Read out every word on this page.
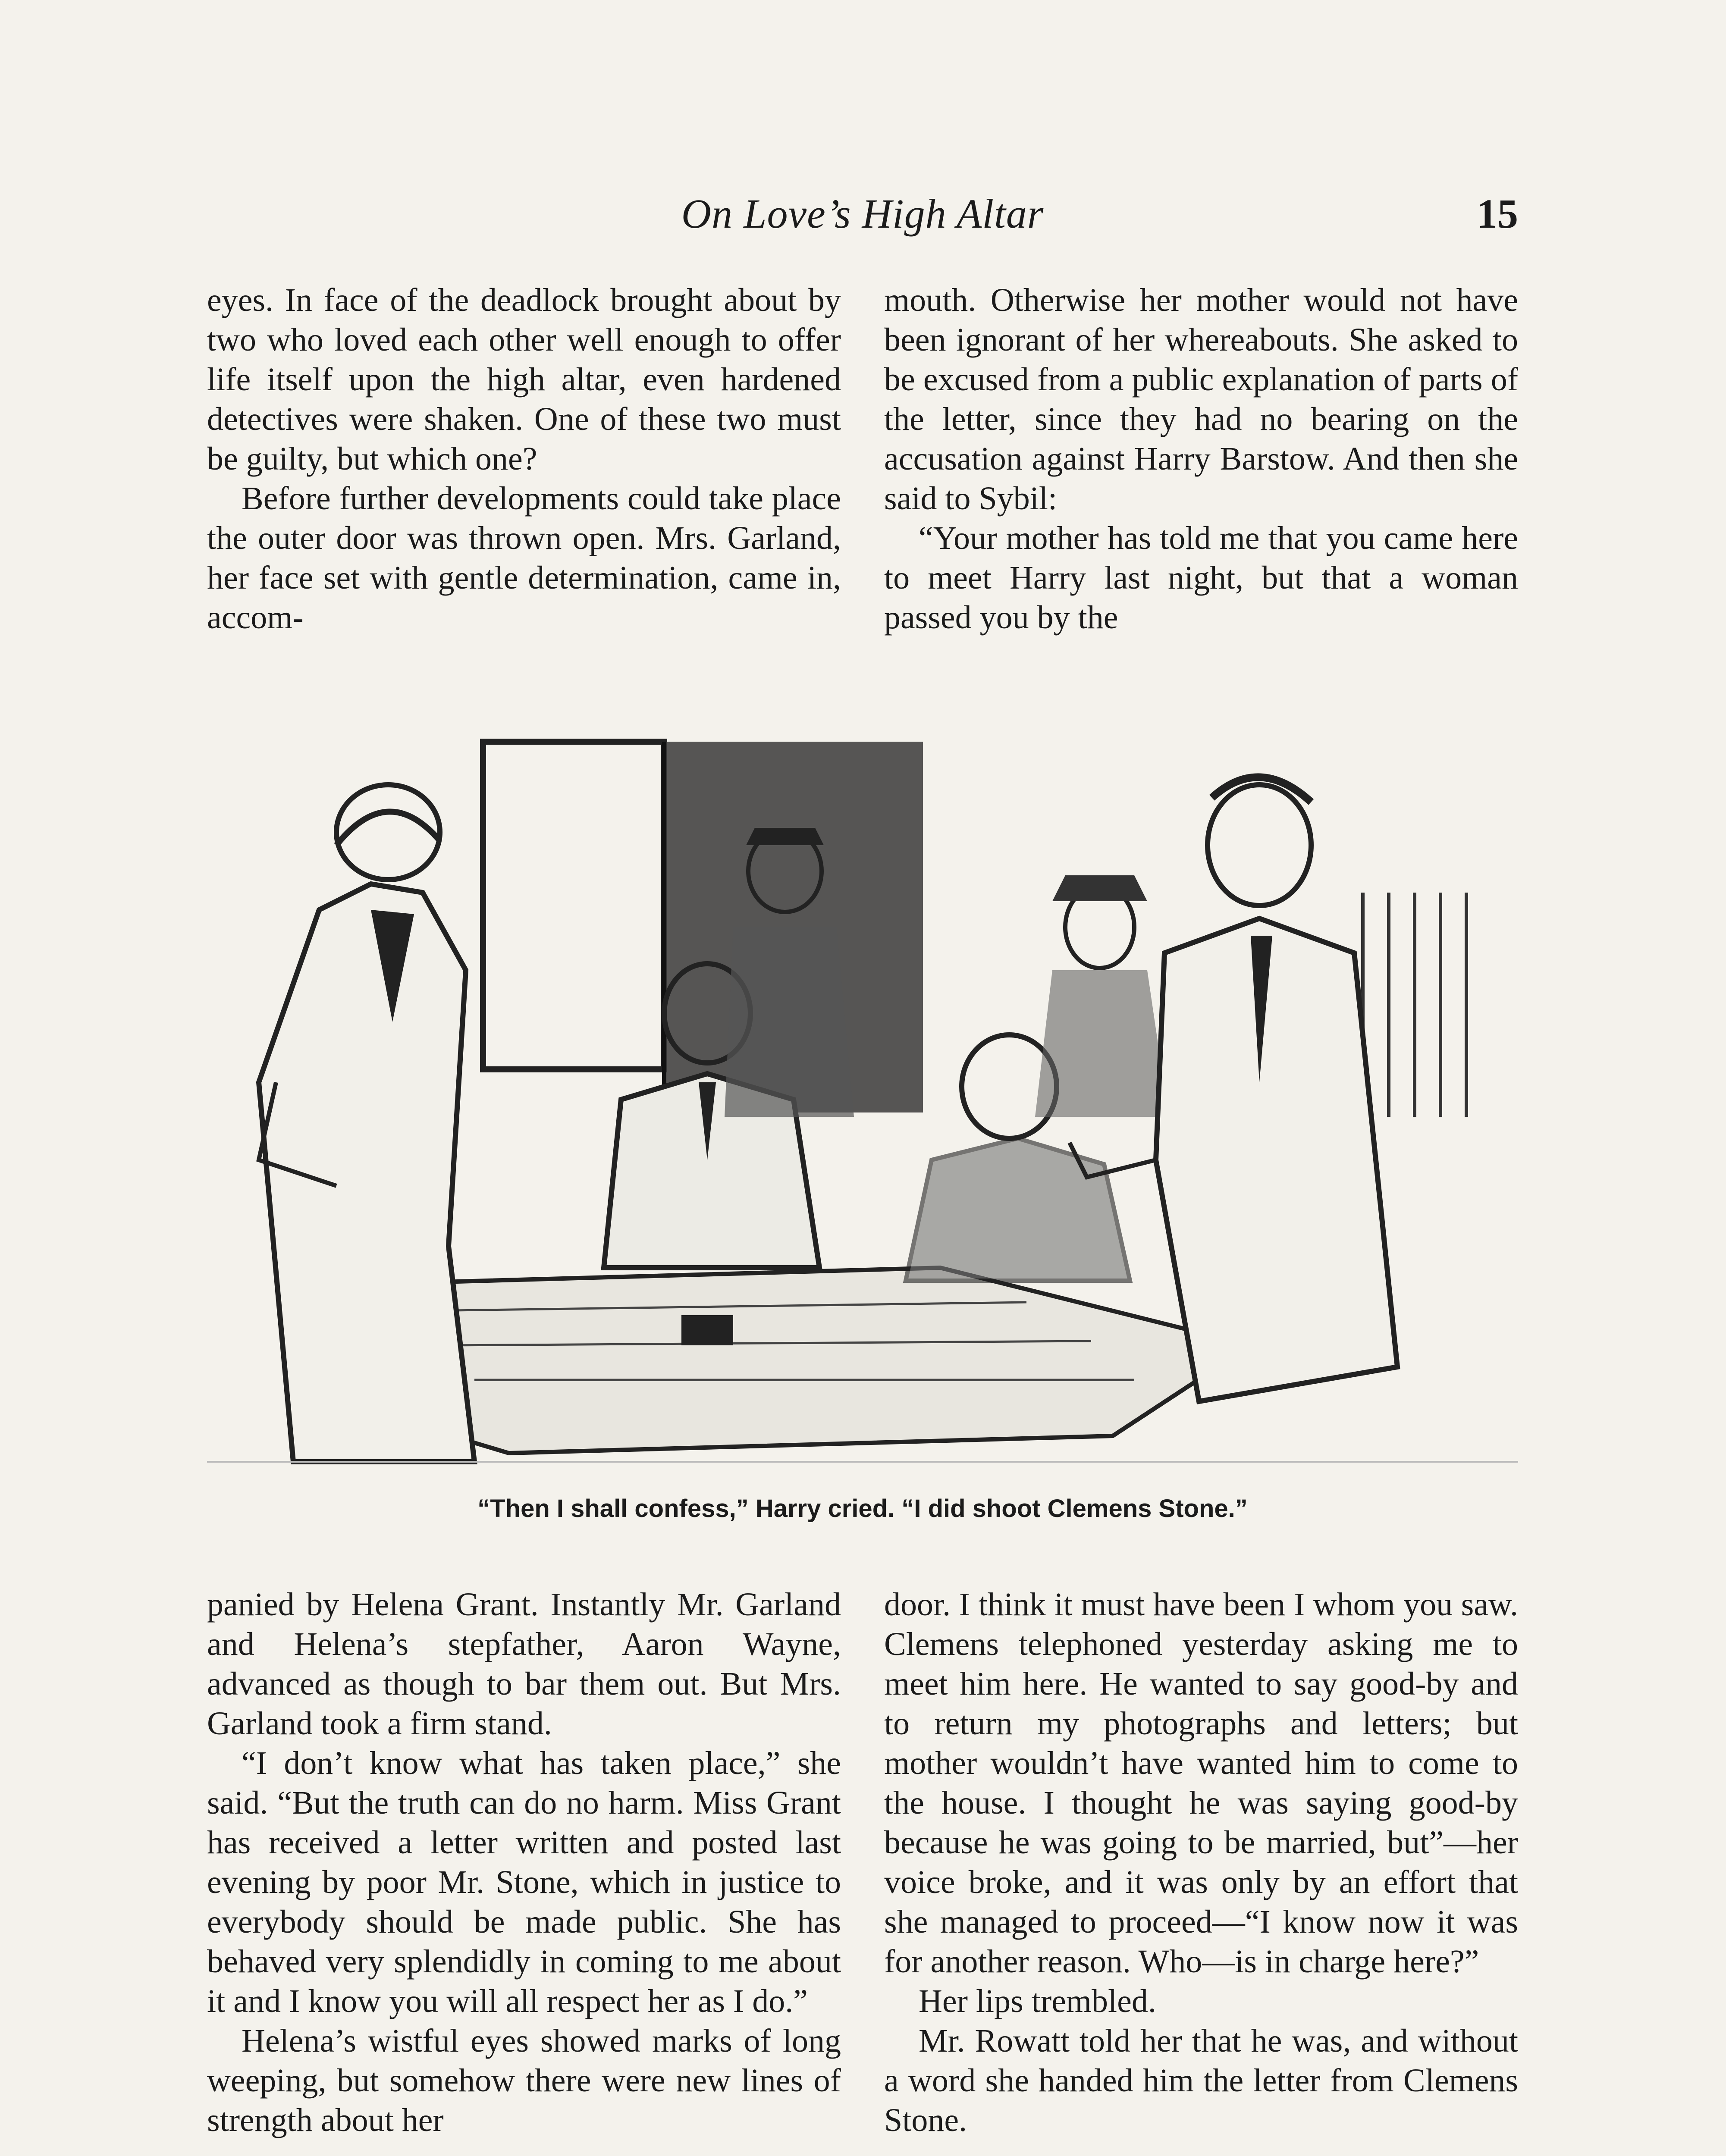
On Love’s High Altar	15

eyes. In face of the deadlock brought about by two who loved each other well enough to offer life itself upon the high altar, even hardened detectives were shaken. One of these two must be guilty, but which one?

Before further developments could take place the outer door was thrown open. Mrs. Garland, her face set with gentle determination, came in, accom-

mouth. Otherwise her mother would not have been ignorant of her whereabouts. She asked to be excused from a public explanation of parts of the letter, since they had no bearing on the accusation against Harry Barstow. And then she said to Sybil:

“Your mother has told me that you came here to meet Harry last night, but that a woman passed you by the

“Then I shall confess,” Harry cried. “I did shoot Clemens Stone.”

panied by Helena Grant. Instantly Mr. Garland and Helena’s stepfather, Aaron Wayne, advanced as though to bar them out. But Mrs. Garland took a firm stand.

“I don’t know what has taken place,” she said. “But the truth can do no harm. Miss Grant has received a letter written and posted last evening by poor Mr. Stone, which in justice to everybody should be made public. She has behaved very splendidly in coming to me about it and I know you will all respect her as I do.”

Helena’s wistful eyes showed marks of long weeping, but somehow there were new lines of strength about her

door. I think it must have been I whom you saw. Clemens telephoned yesterday asking me to meet him here. He wanted to say good-by and to return my photographs and letters; but mother wouldn’t have wanted him to come to the house. I thought he was saying good-by because he was going to be married, but”—her voice broke, and it was only by an effort that she managed to proceed—“I know now it was for another reason. Who—is in charge here?”

Her lips trembled.

Mr. Rowatt told her that he was, and without a word she handed him the letter from Clemens Stone.
